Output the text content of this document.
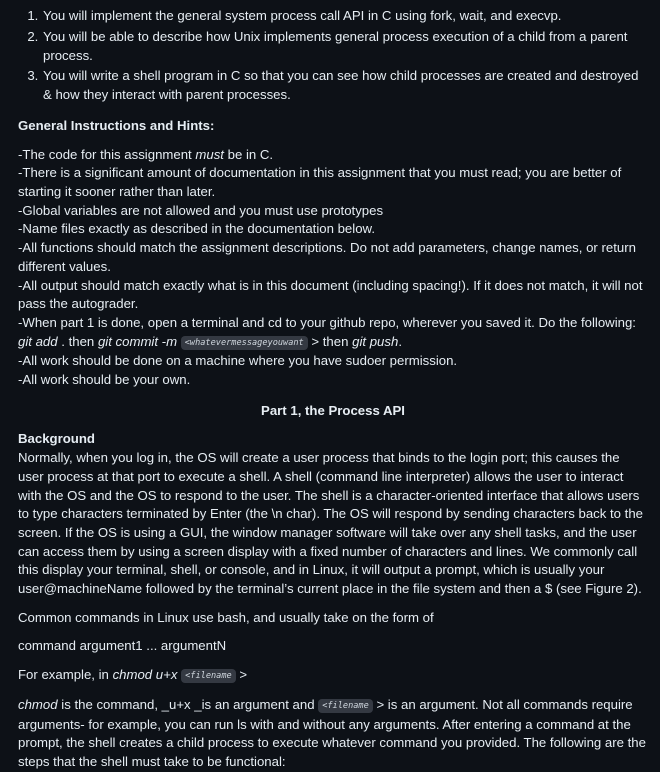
1. You will implement the general system process call API in C using fork, wait, and execvp.
2. You will be able to describe how Unix implements general process execution of a child from a parent process.
3. You will write a shell program in C so that you can see how child processes are created and destroyed & how they interact with parent processes.
General Instructions and Hints:

-The code for this assignment must be in C.

-There is a significant amount of documentation in this assignment that you must read; you are better of starting it sooner rather than later.

-Global variables are not allowed and you must use prototypes

-Name files exactly as described in the documentation below.

-All functions should match the assignment descriptions. Do not add parameters, change names, or return different values.

-All output should match exactly what is in this document (including spacing!). If it does not match, it will not pass the autograder.

-When part 1 is done, open a terminal and cd to your github repo, wherever you saved it. Do the following: git add . then git commit -m <whatevermessageyouwant > then git push.

-All work should be done on a machine where you have sudoer permission.

-All work should be your own.

Part 1, the Process API
Background

Normally, when you log in, the OS will create a user process that binds to the login port; this causes the user process at that port to execute a shell. A shell (command line interpreter) allows the user to interact with the OS and the OS to respond to the user. The shell is a character-oriented interface that allows users to type characters terminated by Enter (the \n char). The OS will respond by sending characters back to the screen. If the OS is using a GUI, the window manager software will take over any shell tasks, and the user can access them by using a screen display with a fixed number of characters and lines. We commonly call this display your terminal, shell, or console, and in Linux, it will output a prompt, which is usually your user@machineName followed by the terminal’s current place in the file system and then a $ (see Figure 2).

Common commands in Linux use bash, and usually take on the form of

command argument1 ... argumentN

For example, in chmod u+x <filename >

chmod is the command, _u+x _is an argument and <filename > is an argument. Not all commands require arguments- for example, you can run ls with and without any arguments. After entering a command at the prompt, the shell creates a child process to execute whatever command you provided. The following are the steps that the shell must take to be functional:
